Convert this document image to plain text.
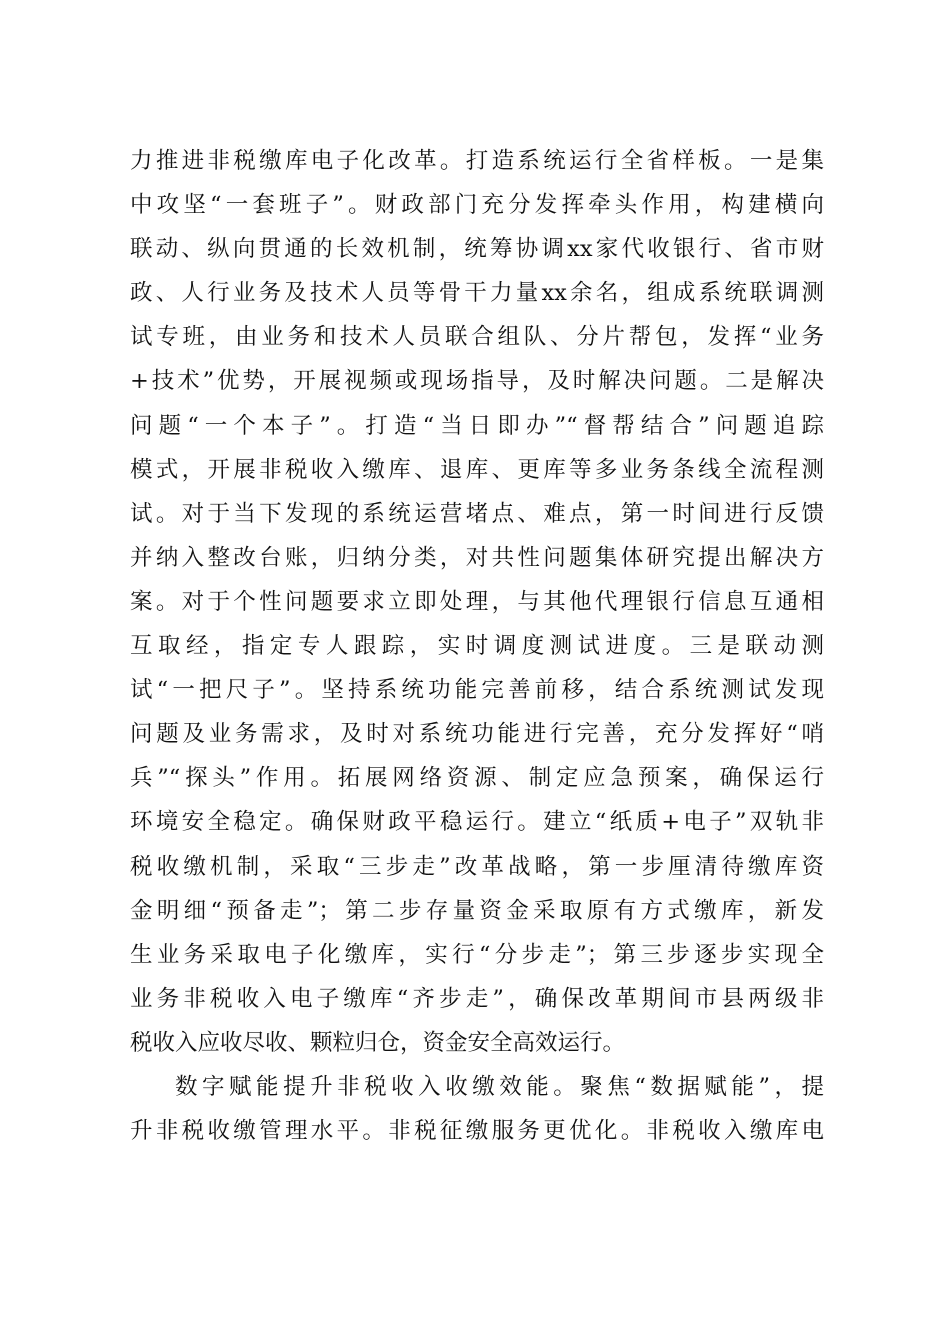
力推进非税缴库电子化改革。打造系统运行全省样板。一是集
中攻坚“一套班子”。财政部门充分发挥牵头作用，构建横向
联动、纵向贯通的长效机制，统筹协调xx家代收银行、省市财
政、人行业务及技术人员等骨干力量xx余名，组成系统联调测
试专班，由业务和技术人员联合组队、分片帮包，发挥“业务
+技术”优势，开展视频或现场指导，及时解决问题。二是解决
问题“一个本子”。打造“当日即办”“督帮结合”问题追踪
模式，开展非税收入缴库、退库、更库等多业务条线全流程测
试。对于当下发现的系统运营堵点、难点，第一时间进行反馈
并纳入整改台账，归纳分类，对共性问题集体研究提出解决方
案。对于个性问题要求立即处理，与其他代理银行信息互通相
互取经，指定专人跟踪，实时调度测试进度。三是联动测
试“一把尺子”。坚持系统功能完善前移，结合系统测试发现
问题及业务需求，及时对系统功能进行完善，充分发挥好“哨
兵”“探头”作用。拓展网络资源、制定应急预案，确保运行
环境安全稳定。确保财政平稳运行。建立“纸质+电子”双轨非
税收缴机制，采取“三步走”改革战略，第一步厘清待缴库资
金明细“预备走”；第二步存量资金采取原有方式缴库，新发
生业务采取电子化缴库，实行“分步走”；第三步逐步实现全
业务非税收入电子缴库“齐步走”，确保改革期间市县两级非
税收入应收尽收、颗粒归仓，资金安全高效运行。
数字赋能提升非税收入收缴效能。聚焦“数据赋能”，提
升非税收缴管理水平。非税征缴服务更优化。非税收入缴库电
